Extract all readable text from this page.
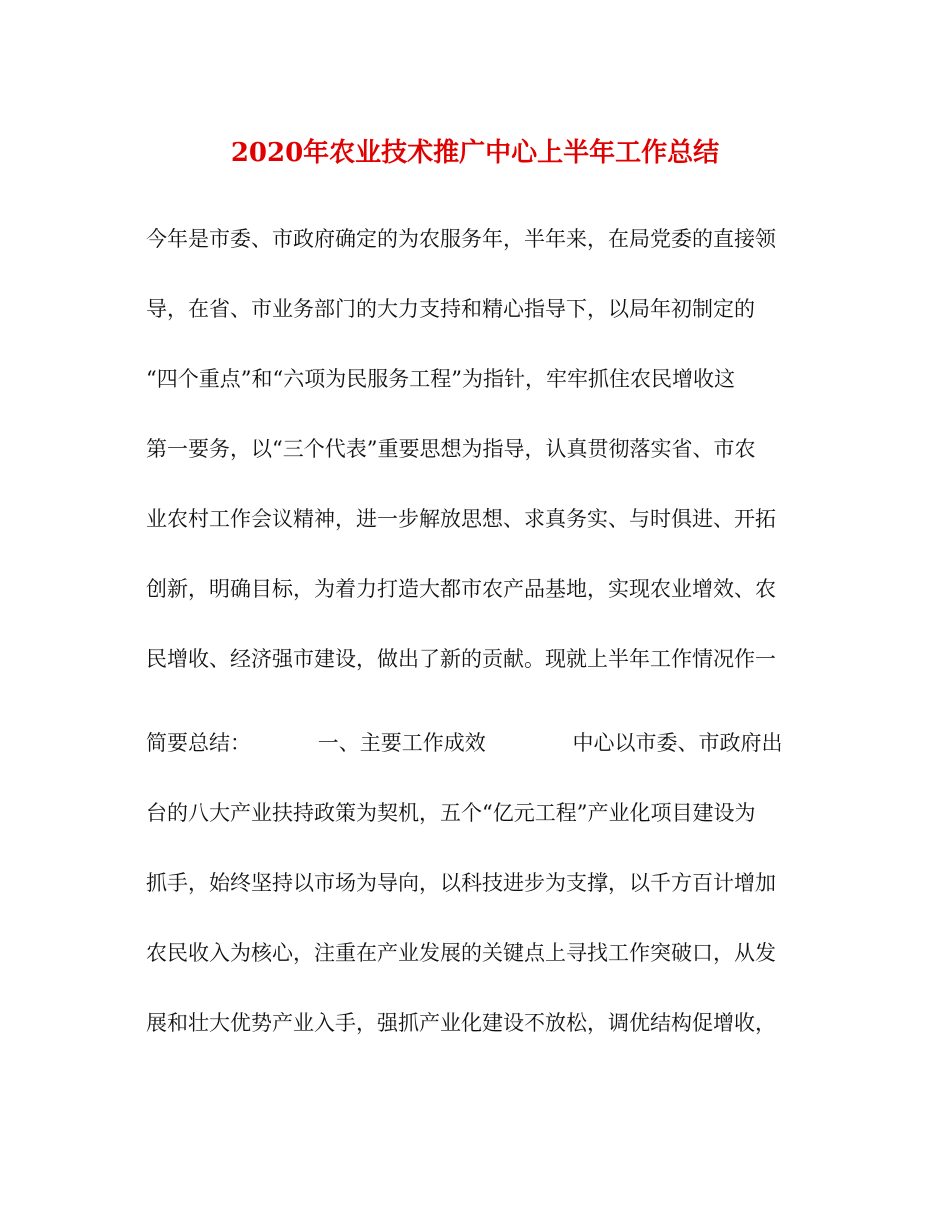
2020年农业技术推广中心上半年工作总结
今年是市委、市政府确定的为农服务年，半年来，在局党委的直接领
导，在省、市业务部门的大力支持和精心指导下，以局年初制定的
“四个重点”和“六项为民服务工程”为指针，牢牢抓住农民增收这
第一要务，以“三个代表”重要思想为指导，认真贯彻落实省、市农
业农村工作会议精神，进一步解放思想、求真务实、与时俱进、开拓
创新，明确目标，为着力打造大都市农产品基地，实现农业增效、农
民增收、经济强市建设，做出了新的贡献。现就上半年工作情况作一
简要总结：          一、主要工作成效             中心以市委、市政府出
台的八大产业扶持政策为契机，五个“亿元工程”产业化项目建设为
抓手，始终坚持以市场为导向，以科技进步为支撑，以千方百计增加
农民收入为核心，注重在产业发展的关键点上寻找工作突破口，从发
展和壮大优势产业入手，强抓产业化建设不放松，调优结构促增收，
